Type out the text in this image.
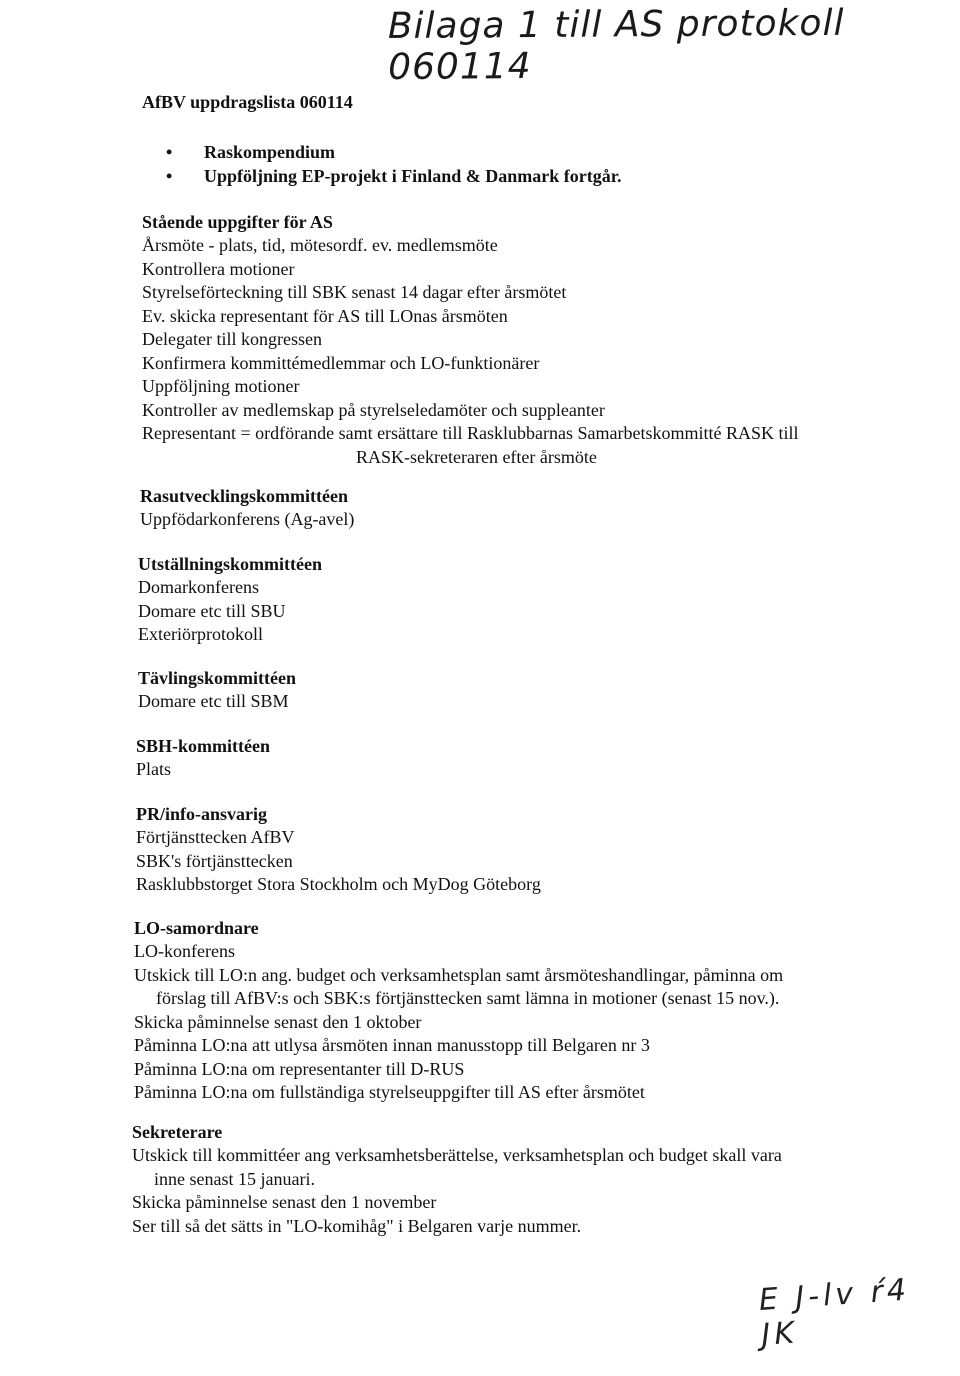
Bilaga 1 till AS protokoll 060114
AfBV uppdragslista 060114
• Raskompendium
• Uppföljning EP-projekt i Finland & Danmark fortgår.
Stående uppgifter för AS
Årsmöte - plats, tid, mötesordf. ev. medlemsmöte
Kontrollera motioner
Styrelseförteckning till SBK senast 14 dagar efter årsmötet
Ev. skicka representant för AS till LOnas årsmöten
Delegater till kongressen
Konfirmera kommittémedlemmar och LO-funktionärer
Uppföljning motioner
Kontroller av medlemskap på styrelseledamöter och suppleanter
Representant = ordförande samt ersättare till Rasklubbarnas Samarbetskommitté RASK till
RASK-sekreteraren efter årsmöte
Rasutvecklingskommittéen
Uppfödarkonferens (Ag-avel)
Utställningskommittéen
Domarkonferens
Domare etc till SBU
Exteriörprotokoll
Tävlingskommittéen
Domare etc till SBM
SBH-kommittéen
Plats
PR/info-ansvarig
Förtjänsttecken AfBV
SBK's förtjänsttecken
Rasklubbstorget Stora Stockholm och MyDog Göteborg
LO-samordnare
LO-konferens
Utskick till LO:n ang. budget och verksamhetsplan samt årsmöteshandlingar, påminna om
förslag till AfBV:s och SBK:s förtjänsttecken samt lämna in motioner (senast 15 nov.).
Skicka påminnelse senast den 1 oktober
Påminna LO:na att utlysa årsmöten innan manusstopp till Belgaren nr 3
Påminna LO:na om representanter till D-RUS
Påminna LO:na om fullständiga styrelseuppgifter till AS efter årsmötet
Sekreterare
Utskick till kommittéer ang verksamhetsberättelse, verksamhetsplan och budget skall vara
inne senast 15 januari.
Skicka påminnelse senast den 1 november
Ser till så det sätts in "LO-komihåg" i Belgaren varje nummer.
E J-lv ŕ4 JK
